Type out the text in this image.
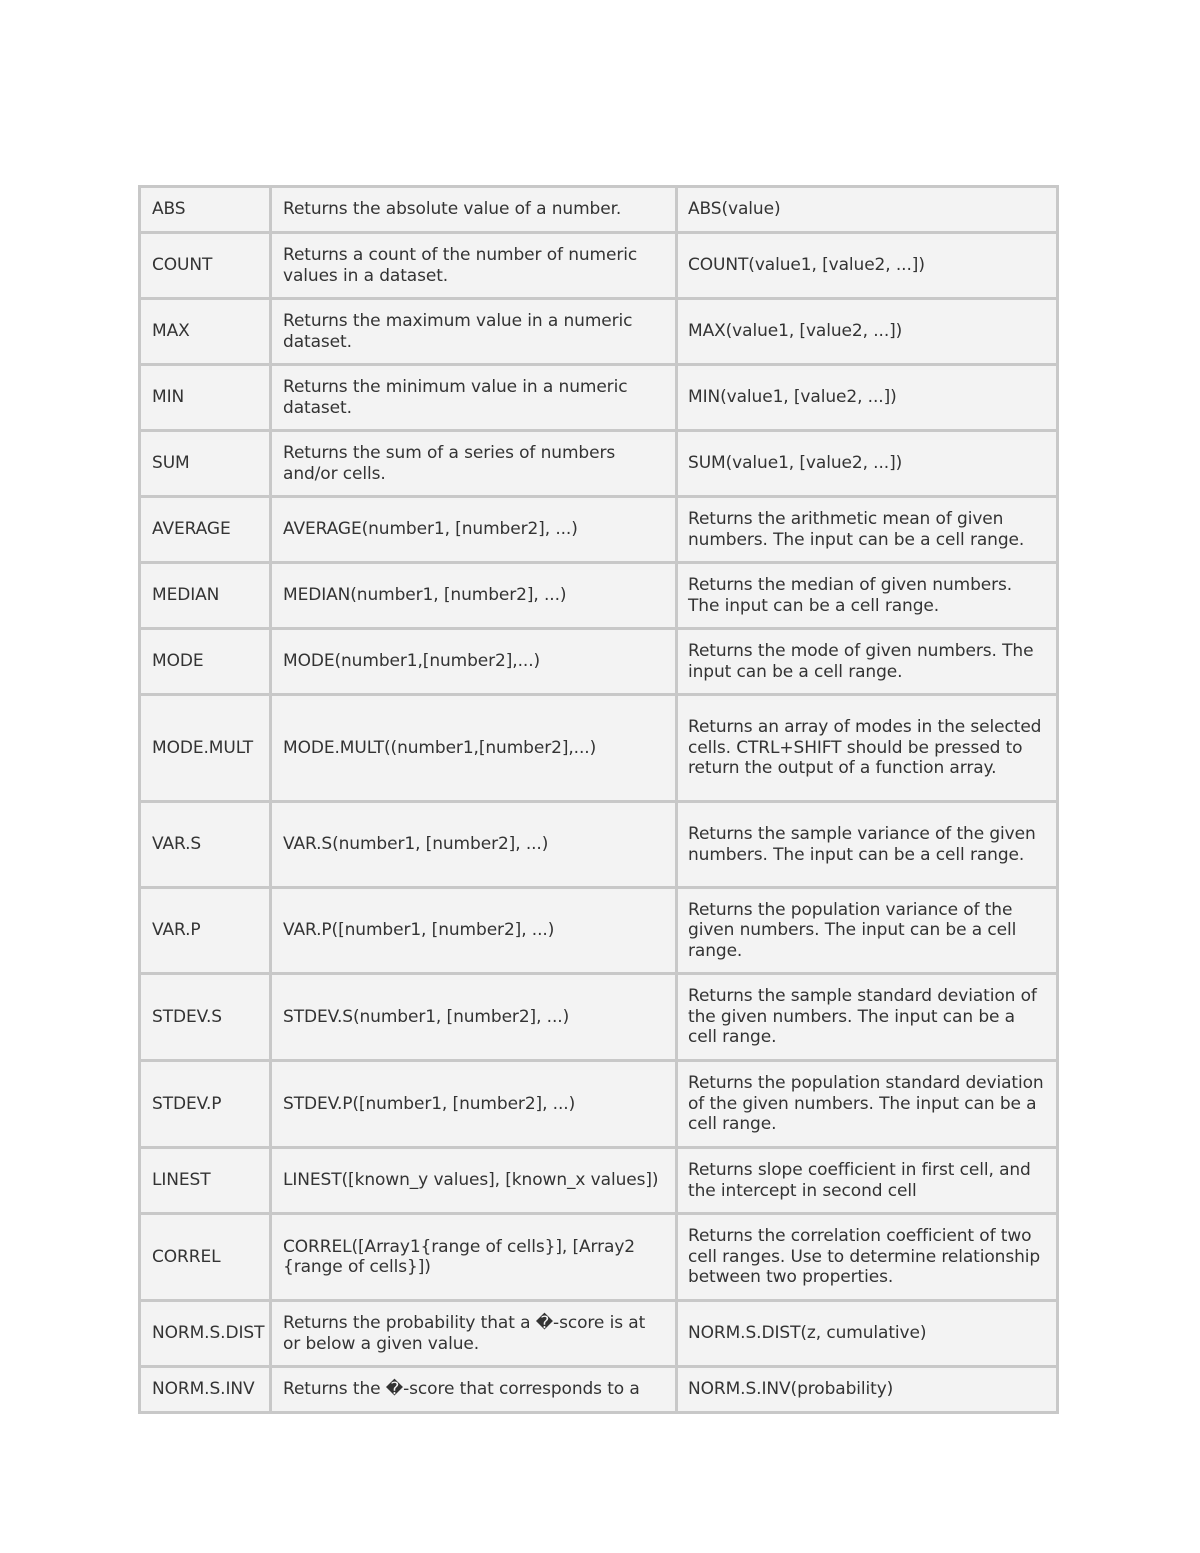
ABS	Returns the absolute value of a number.	ABS(value)
COUNT	Returns a count of the number of numeric values in a dataset.	COUNT(value1, [value2, ...])
MAX	Returns the maximum value in a numeric dataset.	MAX(value1, [value2, ...])
MIN	Returns the minimum value in a numeric dataset.	MIN(value1, [value2, ...])
SUM	Returns the sum of a series of numbers and/or cells.	SUM(value1, [value2, ...])
AVERAGE	AVERAGE(number1, [number2], ...)	Returns the arithmetic mean of given numbers. The input can be a cell range.
MEDIAN	MEDIAN(number1, [number2], ...)	Returns the median of given numbers. The input can be a cell range.
MODE	MODE(number1,[number2],...)	Returns the mode of given numbers. The input can be a cell range.
MODE.MULT	MODE.MULT((number1,[number2],...)	Returns an array of modes in the selected cells. CTRL+SHIFT should be pressed to return the output of a function array.
VAR.S	VAR.S(number1, [number2], ...)	Returns the sample variance of the given numbers. The input can be a cell range.
VAR.P	VAR.P([number1, [number2], ...)	Returns the population variance of the given numbers. The input can be a cell range.
STDEV.S	STDEV.S(number1, [number2], ...)	Returns the sample standard deviation of the given numbers. The input can be a cell range.
STDEV.P	STDEV.P([number1, [number2], ...)	Returns the population standard deviation of the given numbers. The input can be a cell range.
LINEST	LINEST([known_y values], [known_x values])	Returns slope coefficient in first cell, and the intercept in second cell
CORREL	CORREL([Array1{range of cells}], [Array2 {range of cells}])	Returns the correlation coefficient of two cell ranges. Use to determine relationship between two properties.
NORM.S.DIST	Returns the probability that a �-score is at or below a given value.	NORM.S.DIST(z, cumulative)
NORM.S.INV	Returns the �-score that corresponds to a	NORM.S.INV(probability)
